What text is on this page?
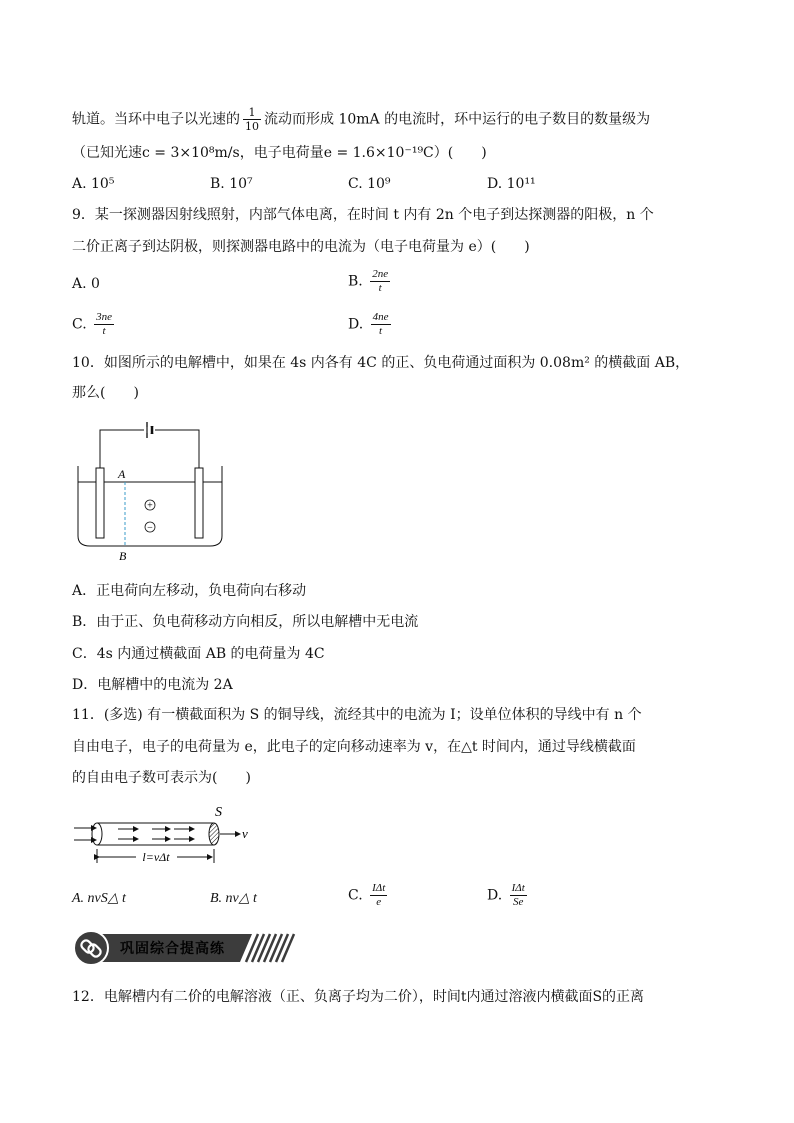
轨道。当环中电子以光速的 $\frac{1}{10}$ 流动而形成 10mA 的电流时，环中运行的电子数目的数量级为
（已知光速c = 3×10⁸m/s，电子电荷量e = 1.6×10⁻¹⁹C）(　　)
A. 10⁵	B. 10⁷	C. 10⁹	D. 10¹¹
9．某一探测器因射线照射，内部气体电离，在时间 t 内有 2n 个电子到达探测器的阳极，n 个
二价正离子到达阴极，则探测器电路中的电流为（电子电荷量为 e）(　　)
A. 0	B. $\frac{2ne}{t}$
C. $\frac{3ne}{t}$	D. $\frac{4ne}{t}$
10．如图所示的电解槽中，如果在 4s 内各有 4C 的正、负电荷通过面积为 0.08m² 的横截面 AB，
那么(　　)
A
B
+
−
A．正电荷向左移动，负电荷向右移动
B．由于正、负电荷移动方向相反，所以电解槽中无电流
C．4s 内通过横截面 AB 的电荷量为 4C
D．电解槽中的电流为 2A
11．(多选) 有一横截面积为 S 的铜导线，流经其中的电流为 I；设单位体积的导线中有 n 个
自由电子，电子的电荷量为 e，此电子的定向移动速率为 v，在△t 时间内，通过导线横截面
的自由电子数可表示为(　　)
S
v
l=vΔt
A. nvS△ t	B. nv△ t	C. $\frac{\text{IΔt}}{e}$	D. $\frac{\text{IΔt}}{Se}$
巩固综合提高练
12．电解槽内有二价的电解溶液（正、负离子均为二价），时间t内通过溶液内横截面S的正离
